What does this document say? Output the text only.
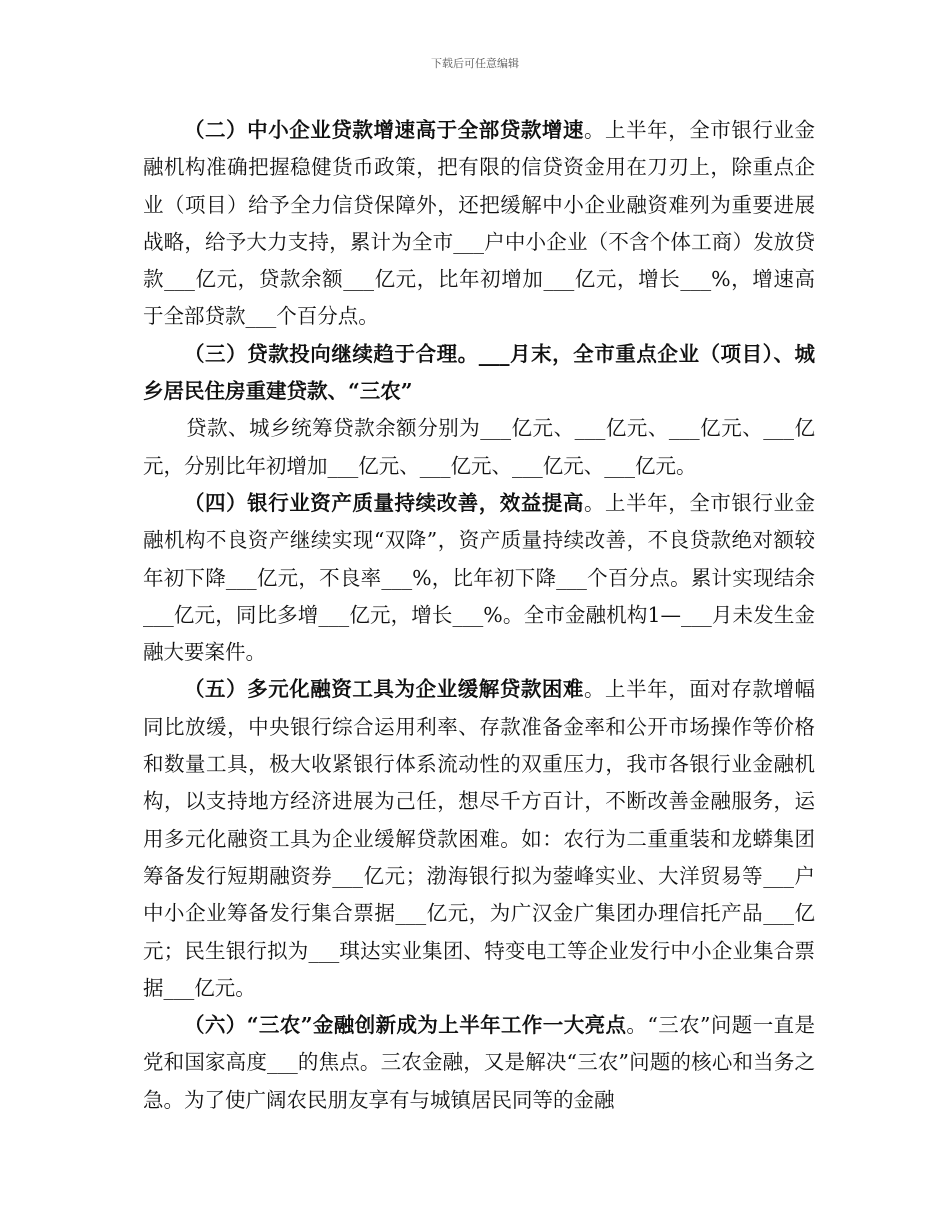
下载后可任意编辑

（二）中小企业贷款增速高于全部贷款增速。上半年，全市银行业金融机构准确把握稳健货币政策，把有限的信贷资金用在刀刃上，除重点企业（项目）给予全力信贷保障外，还把缓解中小企业融资难列为重要进展战略，给予大力支持，累计为全市___户中小企业（不含个体工商）发放贷款___亿元，贷款余额___亿元，比年初增加___亿元，增长___%，增速高于全部贷款___个百分点。

（三）贷款投向继续趋于合理。___月末，全市重点企业（项目）、城乡居民住房重建贷款、“三农”

贷款、城乡统筹贷款余额分别为___亿元、___亿元、___亿元、___亿元，分别比年初增加___亿元、___亿元、___亿元、___亿元。

（四）银行业资产质量持续改善，效益提高。上半年，全市银行业金融机构不良资产继续实现“双降”，资产质量持续改善，不良贷款绝对额较年初下降___亿元，不良率___%，比年初下降___个百分点。累计实现结余___亿元，同比多增___亿元，增长___%。全市金融机构1—___月未发生金融大要案件。

（五）多元化融资工具为企业缓解贷款困难。上半年，面对存款增幅同比放缓，中央银行综合运用利率、存款准备金率和公开市场操作等价格和数量工具，极大收紧银行体系流动性的双重压力，我市各银行业金融机构，以支持地方经济进展为己任，想尽千方百计，不断改善金融服务，运用多元化融资工具为企业缓解贷款困难。如：农行为二重重装和龙蟒集团筹备发行短期融资券___亿元；渤海银行拟为蓥峰实业、大洋贸易等___户中小企业筹备发行集合票据___亿元，为广汉金广集团办理信托产品___亿元；民生银行拟为___琪达实业集团、特变电工等企业发行中小企业集合票据___亿元。

（六）“三农”金融创新成为上半年工作一大亮点。“三农”问题一直是党和国家高度___的焦点。三农金融，又是解决“三农”问题的核心和当务之急。为了使广阔农民朋友享有与城镇居民同等的金融
